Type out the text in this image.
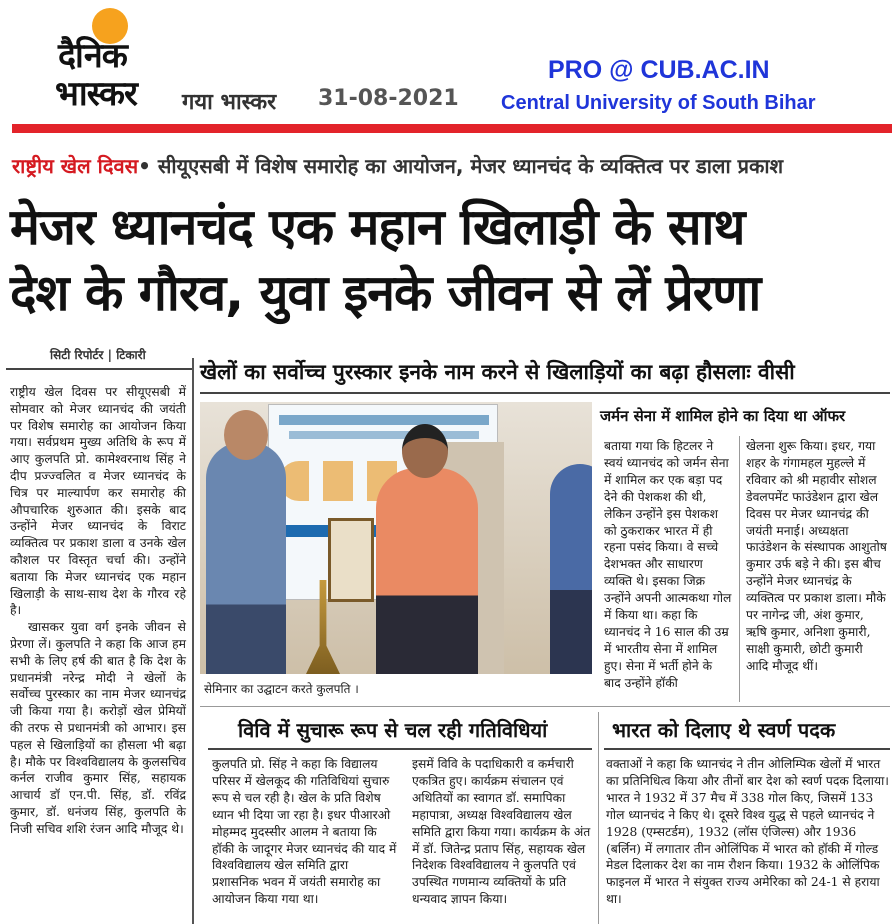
दैनिक
भास्कर गया भास्कर 31-08-2021
PRO @ CUB.AC.IN
Central University of South Bihar
राष्ट्रीय खेल दिवस• सीयूएसबी में विशेष समारोह का आयोजन, मेजर ध्यानचंद के व्यक्तित्व पर डाला प्रकाश
मेजर ध्यानचंद एक महान खिलाड़ी के साथ
देश के गौरव, युवा इनके जीवन से लें प्रेरणा
सिटी रिपोर्टर | टिकारी

राष्ट्रीय खेल दिवस पर सीयूएसबी में सोमवार को मेजर ध्यानचंद की जयंती पर विशेष समारोह का आयोजन किया गया। सर्वप्रथम मुख्य अतिथि के रूप में आए कुलपति प्रो. कामेश्वरनाथ सिंह ने दीप प्रज्ज्वलित व मेजर ध्यानचंद के चित्र पर माल्यार्पण कर समारोह की औपचारिक शुरुआत की। इसके बाद उन्होंने मेजर ध्यानचंद के विराट व्यक्तित्व पर प्रकाश डाला व उनके खेल कौशल पर विस्तृत चर्चा की। उन्होंने बताया कि मेजर ध्यानचंद एक महान खिलाड़ी के साथ-साथ देश के गौरव रहे है।

खासकर युवा वर्ग इनके जीवन से प्रेरणा लें। कुलपति ने कहा कि आज हम सभी के लिए हर्ष की बात है कि देश के प्रधानमंत्री नरेन्द्र मोदी ने खेलों के सर्वोच्च पुरस्कार का नाम मेजर ध्यानचंद्र जी किया गया है। करोड़ों खेल प्रेमियों की तरफ से प्रधानमंत्री को आभार। इस पहल से खिलाड़ियों का हौसला भी बढ़ा है। मौके पर विश्वविद्यालय के कुलसचिव कर्नल राजीव कुमार सिंह, सहायक आचार्य डॉ एन.पी. सिंह, डॉ. रविंद्र कुमार, डॉ. धनंजय सिंह, कुलपति के निजी सचिव शशि रंजन आदि मौजूद थे।

खेलों का सर्वोच्च पुरस्कार इनके नाम करने से खिलाड़ियों का बढ़ा हौसलाः वीसी
सेमिनार का उद्घाटन करते कुलपति ।
जर्मन सेना में शामिल होने का दिया था ऑफर
बताया गया कि हिटलर ने स्वयं ध्यानचंद को जर्मन सेना में शामिल कर एक बड़ा पद देने की पेशकश की थी, लेकिन उन्होंने इस पेशकश को ठुकराकर भारत में ही रहना पसंद किया। वे सच्चे देशभक्त और साधारण व्यक्ति थे। इसका जिक्र उन्होंने अपनी आत्मकथा गोल में किया था। कहा कि ध्यानचंद ने 16 साल की उम्र में भारतीय सेना में शामिल हुए। सेना में भर्ती होने के बाद उन्होंने हॉकी
खेलना शुरू किया। इधर, गया शहर के गंगामहल मुहल्ले में रविवार को श्री महावीर सोशल डेवलपमेंट फाउंडेशन द्वारा खेल दिवस पर मेजर ध्यानचंद्र की जयंती मनाई। अध्यक्षता फाउंडेशन के संस्थापक आशुतोष कुमार उर्फ बड़े ने की। इस बीच उन्होंने मेजर ध्यानचंद्र के व्यक्तित्व पर प्रकाश डाला। मौके पर नागेन्द्र जी, अंश कुमार, ऋषि कुमार, अनिशा कुमारी, साक्षी कुमारी, छोटी कुमारी आदि मौजूद थीं।
विवि में सुचारू रूप से चल रही गतिविधियां	भारत को दिलाए थे स्वर्ण पदक
कुलपति प्रो. सिंह ने कहा कि विद्यालय परिसर में खेलकूद की गतिविधियां सुचारु रूप से चल रही है। खेल के प्रति विशेष ध्यान भी दिया जा रहा है। इधर पीआरओ मोहम्मद मुदस्सीर आलम ने बताया कि हॉकी के जादूगर मेजर ध्यानचंद की याद में विश्वविद्यालय खेल समिति द्वारा प्रशासनिक भवन में जयंती समारोह का आयोजन किया गया था।
इसमें विवि के पदाधिकारी व कर्मचारी एकत्रित हुए। कार्यक्रम संचालन एवं अथितियों का स्वागत डॉ. समापिका महापात्रा, अध्यक्ष विश्वविद्यालय खेल समिति द्वारा किया गया। कार्यक्रम के अंत में डॉ. जितेन्द्र प्रताप सिंह, सहायक खेल निदेशक विश्वविद्यालय ने कुलपति एवं उपस्थित गणमान्य व्यक्तियों के प्रति धन्यवाद ज्ञापन किया।
वक्ताओं ने कहा कि ध्यानचंद ने तीन ओलिम्पिक खेलों में भारत का प्रतिनिधित्व किया और तीनों बार देश को स्वर्ण पदक दिलाया। भारत ने 1932 में 37 मैच में 338 गोल किए, जिसमें 133 गोल ध्यानचंद ने किए थे। दूसरे विश्व युद्ध से पहले ध्यानचंद ने 1928 (एम्सटर्डम), 1932 (लॉस एंजिल्स) और 1936 (बर्लिन) में लगातार तीन ओलिंपिक में भारत को हॉकी में गोल्ड मेडल दिलाकर देश का नाम रौशन किया। 1932 के ओलिंपिक फाइनल में भारत ने संयुक्त राज्य अमेरिका को 24-1 से हराया था।
